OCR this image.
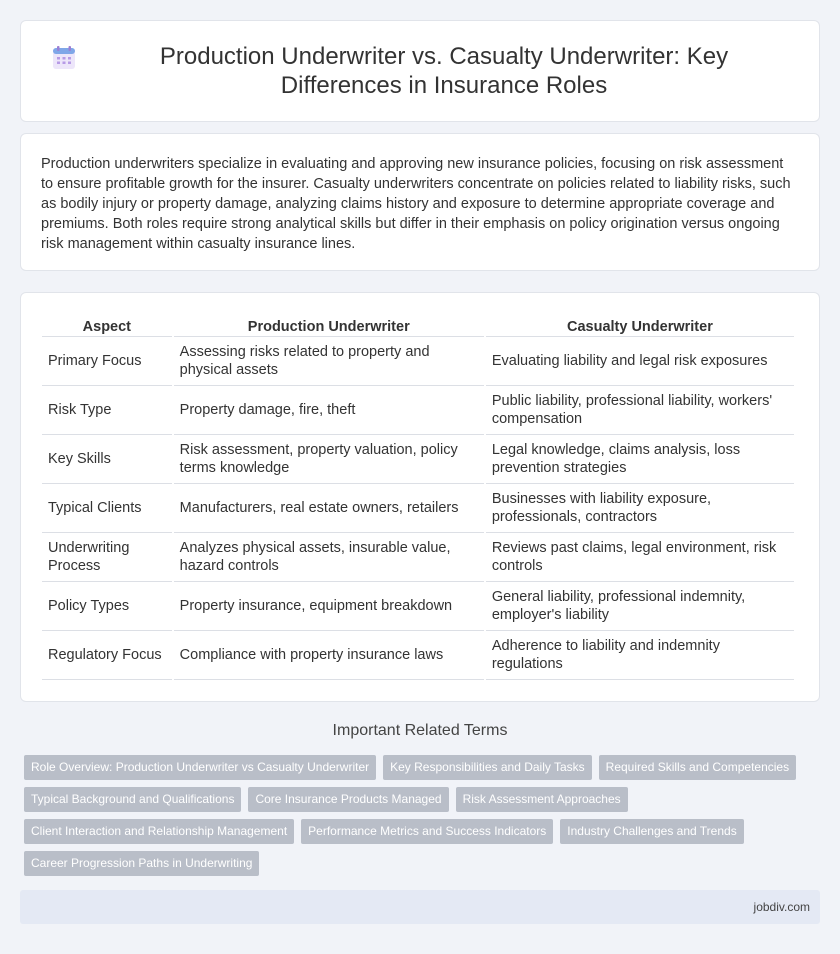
Production Underwriter vs. Casualty Underwriter: Key Differences in Insurance Roles

Production underwriters specialize in evaluating and approving new insurance policies, focusing on risk assessment to ensure profitable growth for the insurer. Casualty underwriters concentrate on policies related to liability risks, such as bodily injury or property damage, analyzing claims history and exposure to determine appropriate coverage and premiums. Both roles require strong analytical skills but differ in their emphasis on policy origination versus ongoing risk management within casualty insurance lines.

Aspect	Production Underwriter	Casualty Underwriter
Primary Focus	Assessing risks related to property and physical assets	Evaluating liability and legal risk exposures
Risk Type	Property damage, fire, theft	Public liability, professional liability, workers' compensation
Key Skills	Risk assessment, property valuation, policy terms knowledge	Legal knowledge, claims analysis, loss prevention strategies
Typical Clients	Manufacturers, real estate owners, retailers	Businesses with liability exposure, professionals, contractors
Underwriting Process	Analyzes physical assets, insurable value, hazard controls	Reviews past claims, legal environment, risk controls
Policy Types	Property insurance, equipment breakdown	General liability, professional indemnity, employer's liability
Regulatory Focus	Compliance with property insurance laws	Adherence to liability and indemnity regulations
Important Related Terms
Role Overview: Production Underwriter vs Casualty Underwriter	Key Responsibilities and Daily Tasks	Required Skills and Competencies
Typical Background and Qualifications	Core Insurance Products Managed	Risk Assessment Approaches
Client Interaction and Relationship Management	Performance Metrics and Success Indicators	Industry Challenges and Trends
Career Progression Paths in Underwriting
jobdiv.com
